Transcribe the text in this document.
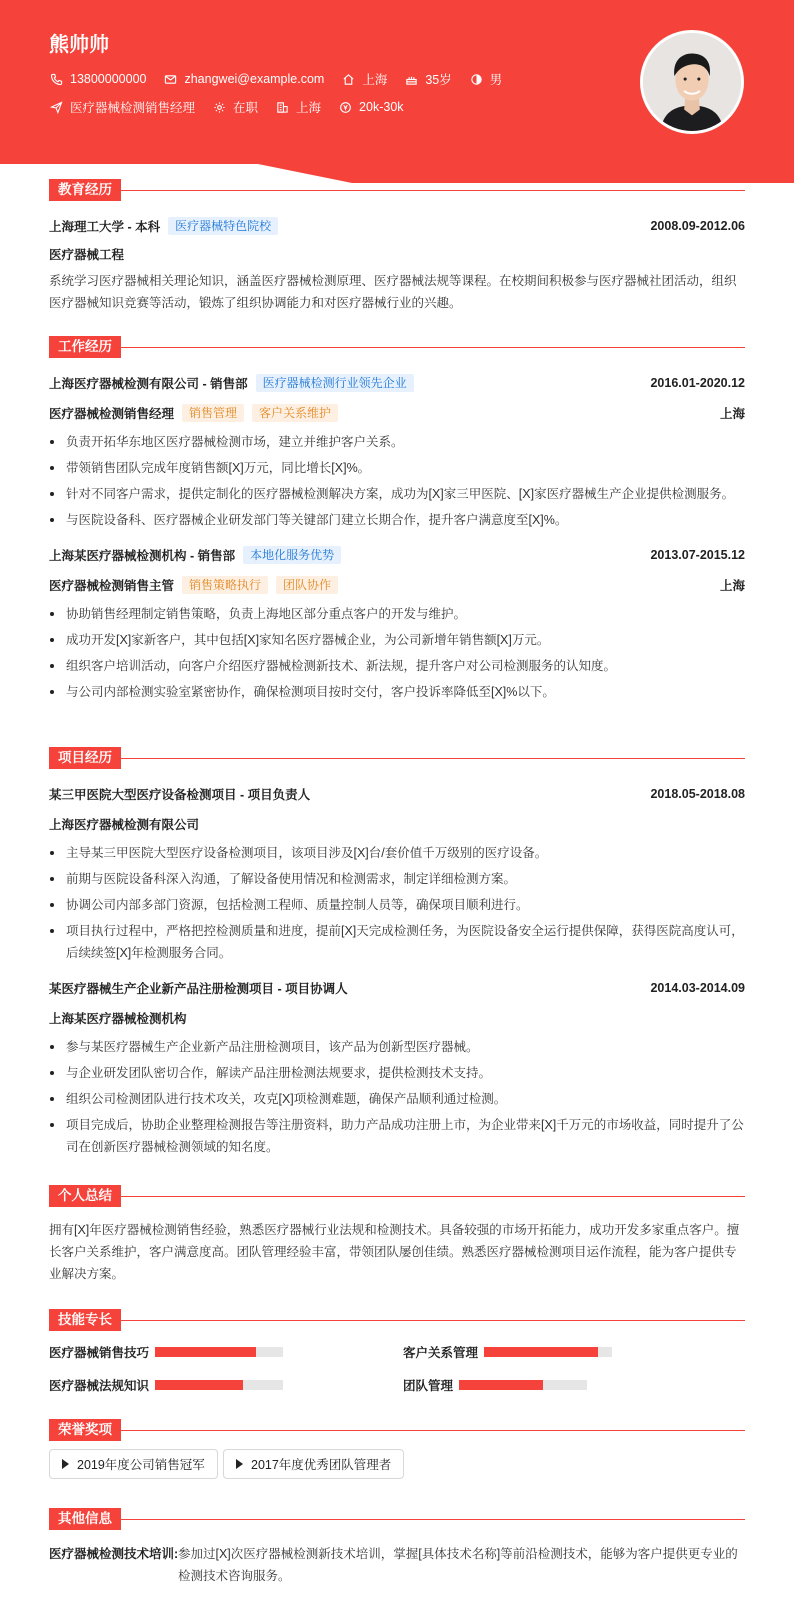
熊帅帅
13800000000	zhangwei@example.com	上海	35岁	男
医疗器械检测销售经理	在职	上海	20k-30k
教育经历
上海理工大学 - 本科	医疗器械特色院校	2008.09-2012.06
医疗器械工程
系统学习医疗器械相关理论知识，涵盖医疗器械检测原理、医疗器械法规等课程。在校期间积极参与医疗器械社团活动，组织医疗器械知识竞赛等活动，锻炼了组织协调能力和对医疗器械行业的兴趣。
工作经历
上海医疗器械检测有限公司 - 销售部	医疗器械检测行业领先企业	2016.01-2020.12
医疗器械检测销售经理	销售管理	客户关系维护	上海
负责开拓华东地区医疗器械检测市场，建立并维护客户关系。
带领销售团队完成年度销售额[X]万元，同比增长[X]%。
针对不同客户需求，提供定制化的医疗器械检测解决方案，成功为[X]家三甲医院、[X]家医疗器械生产企业提供检测服务。
与医院设备科、医疗器械企业研发部门等关键部门建立长期合作，提升客户满意度至[X]%。
上海某医疗器械检测机构 - 销售部	本地化服务优势	2013.07-2015.12
医疗器械检测销售主管	销售策略执行	团队协作	上海
协助销售经理制定销售策略，负责上海地区部分重点客户的开发与维护。
成功开发[X]家新客户，其中包括[X]家知名医疗器械企业，为公司新增年销售额[X]万元。
组织客户培训活动，向客户介绍医疗器械检测新技术、新法规，提升客户对公司检测服务的认知度。
与公司内部检测实验室紧密协作，确保检测项目按时交付，客户投诉率降低至[X]%以下。
项目经历
某三甲医院大型医疗设备检测项目 - 项目负责人	2018.05-2018.08
上海医疗器械检测有限公司
主导某三甲医院大型医疗设备检测项目，该项目涉及[X]台/套价值千万级别的医疗设备。
前期与医院设备科深入沟通，了解设备使用情况和检测需求，制定详细检测方案。
协调公司内部多部门资源，包括检测工程师、质量控制人员等，确保项目顺利进行。
项目执行过程中，严格把控检测质量和进度，提前[X]天完成检测任务，为医院设备安全运行提供保障，获得医院高度认可，后续续签[X]年检测服务合同。
某医疗器械生产企业新产品注册检测项目 - 项目协调人	2014.03-2014.09
上海某医疗器械检测机构
参与某医疗器械生产企业新产品注册检测项目，该产品为创新型医疗器械。
与企业研发团队密切合作，解读产品注册检测法规要求，提供检测技术支持。
组织公司检测团队进行技术攻关，攻克[X]项检测难题，确保产品顺利通过检测。
项目完成后，协助企业整理检测报告等注册资料，助力产品成功注册上市，为企业带来[X]千万元的市场收益，同时提升了公司在创新医疗器械检测领域的知名度。
个人总结
拥有[X]年医疗器械检测销售经验，熟悉医疗器械行业法规和检测技术。具备较强的市场开拓能力，成功开发多家重点客户。擅长客户关系维护，客户满意度高。团队管理经验丰富，带领团队屡创佳绩。熟悉医疗器械检测项目运作流程，能为客户提供专业解决方案。
技能专长
医疗器械销售技巧	客户关系管理
医疗器械法规知识	团队管理
荣誉奖项
2019年度公司销售冠军	2017年度优秀团队管理者
其他信息
医疗器械检测技术培训: 参加过[X]次医疗器械检测新技术培训，掌握[具体技术名称]等前沿检测技术，能够为客户提供更专业的检测技术咨询服务。
